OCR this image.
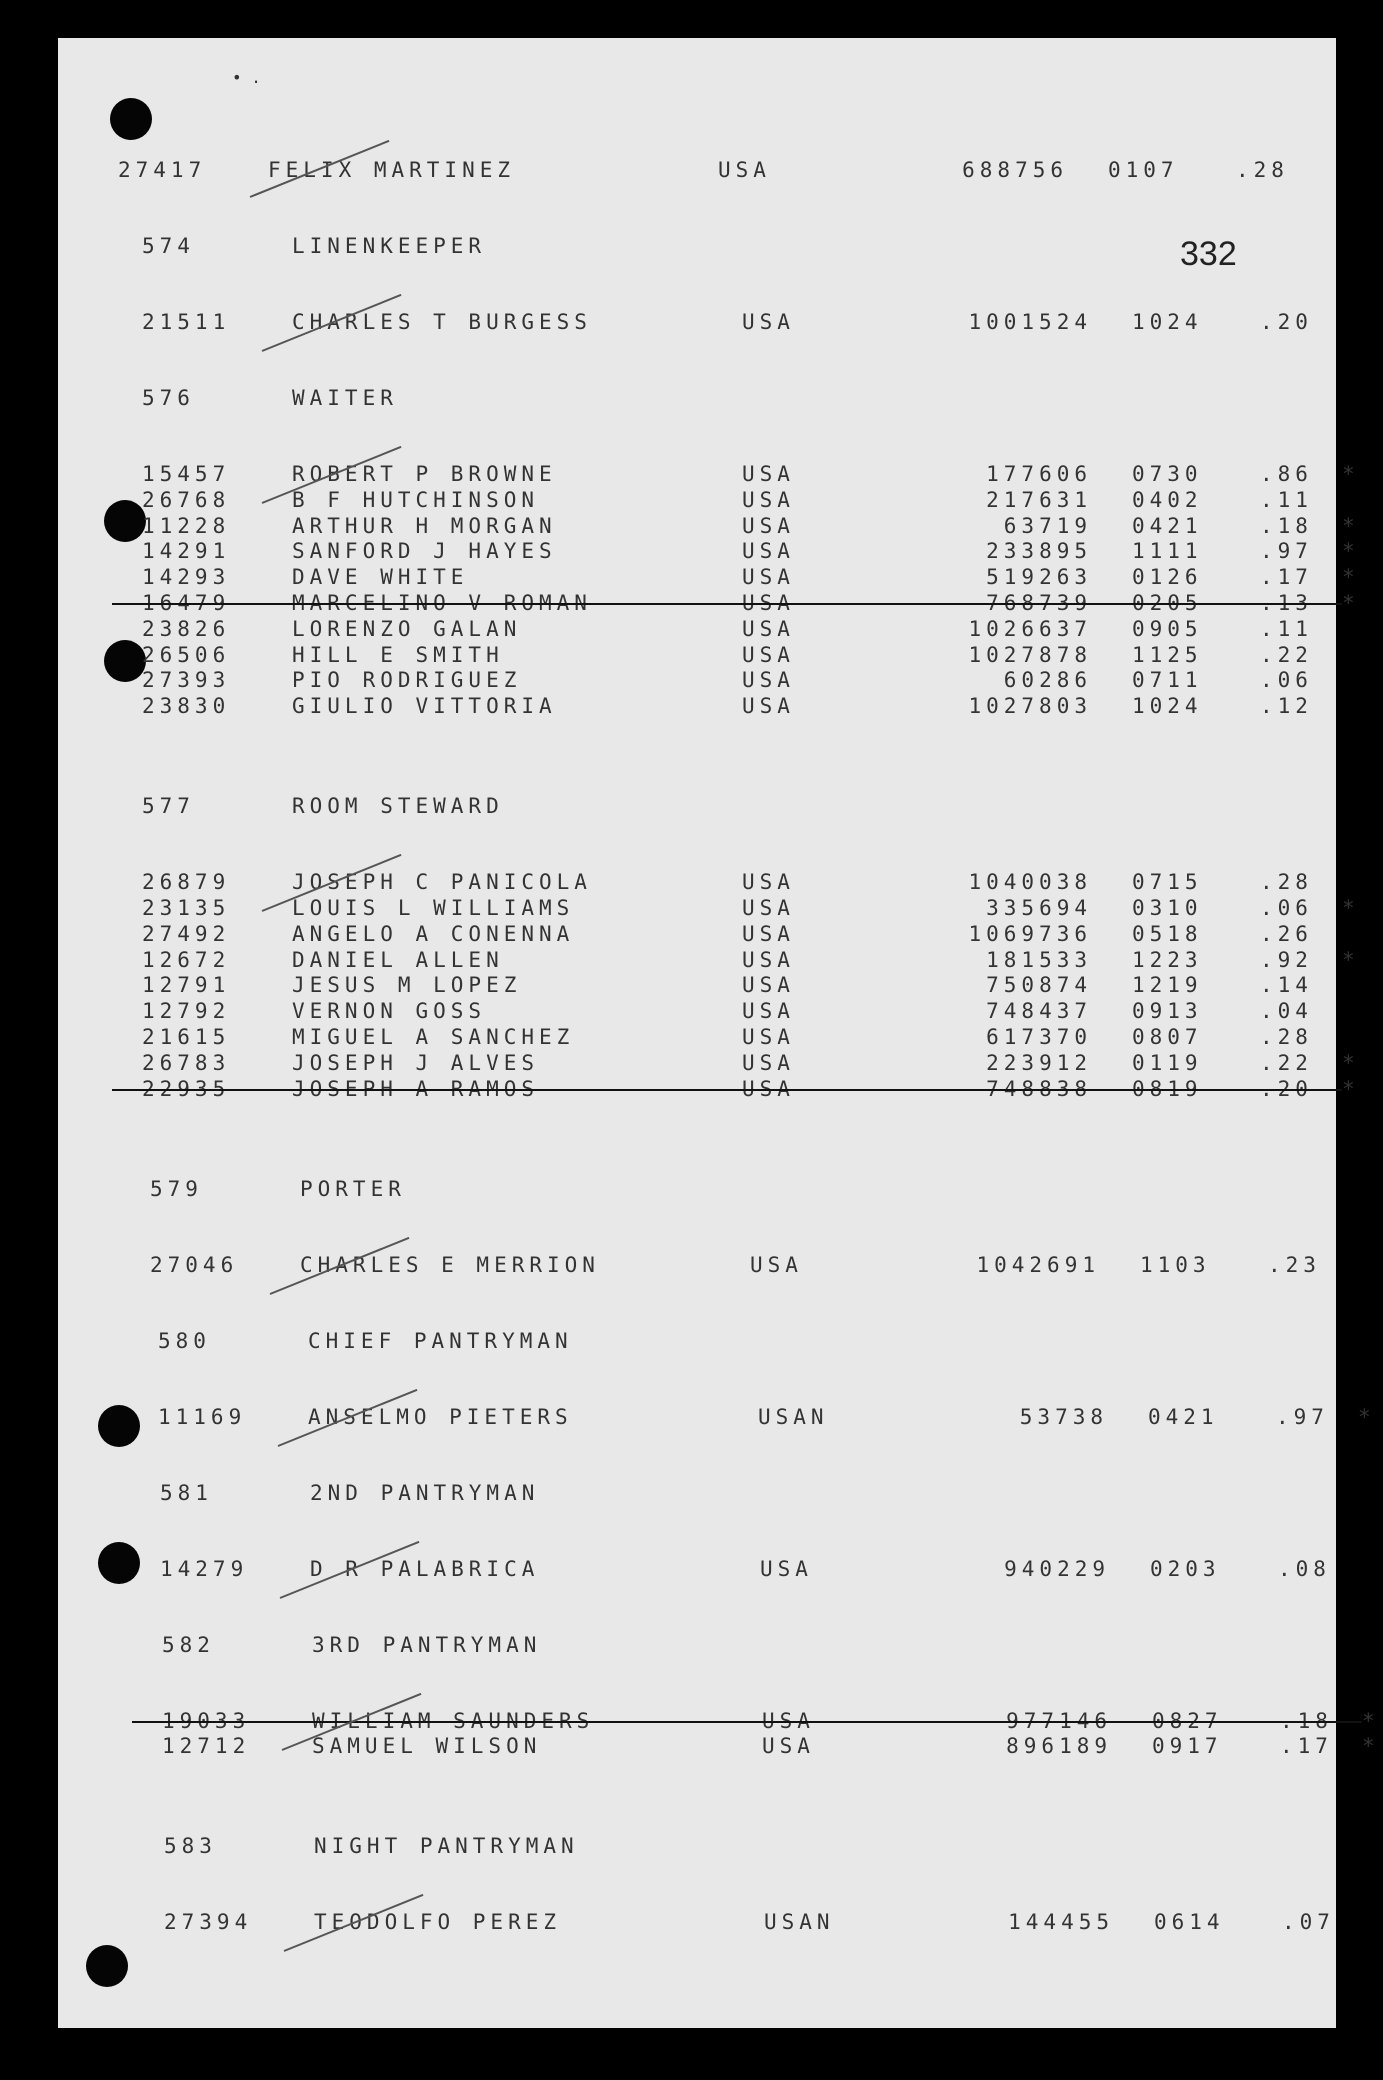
• .
332
27417	FELIX MARTINEZ	USA	688756 0107	.28
574	LINENKEEPER
21511	CHARLES T BURGESS	USA	1001524 1024	.20
576	WAITER
15457	ROBERT P BROWNE	USA	177606 0730	.86 *
26768	B F HUTCHINSON	USA	217631 0402	.11
11228	ARTHUR H MORGAN	USA	63719 0421	.18 *
14291	SANFORD J HAYES	USA	233895 1111	.97 *
14293	DAVE WHITE	USA	519263 0126	.17 *
16479	MARCELINO V ROMAN	USA	768739 0205	.13 *
23826	LORENZO GALAN	USA	1026637 0905	.11
26506	HILL E SMITH	USA	1027878 1125	.22
27393	PIO RODRIGUEZ	USA	60286 0711	.06
23830	GIULIO VITTORIA	USA	1027803 1024	.12
577	ROOM STEWARD
26879	JOSEPH C PANICOLA	USA	1040038 0715	.28
23135	LOUIS L WILLIAMS	USA	335694 0310	.06 *
27492	ANGELO A CONENNA	USA	1069736 0518	.26
12672	DANIEL ALLEN	USA	181533 1223	.92 *
12791	JESUS M LOPEZ	USA	750874 1219	.14
12792	VERNON GOSS	USA	748437 0913	.04
21615	MIGUEL A SANCHEZ	USA	617370 0807	.28
26783	JOSEPH J ALVES	USA	223912 0119	.22 *
22935	JOSEPH A RAMOS	USA	748838 0819	.20 *
579	PORTER
27046	CHARLES E MERRION	USA	1042691 1103	.23
580	CHIEF PANTRYMAN
11169	ANSELMO PIETERS	USAN	53738 0421	.97 *
581	2ND PANTRYMAN
14279	D R PALABRICA	USA	940229 0203	.08
582	3RD PANTRYMAN
19033	WILLIAM SAUNDERS	USA	977146 0827	.18 *
12712	SAMUEL WILSON	USA	896189 0917	.17 *
583	NIGHT PANTRYMAN
27394	TEODOLFO PEREZ	USAN	144455 0614	.07
